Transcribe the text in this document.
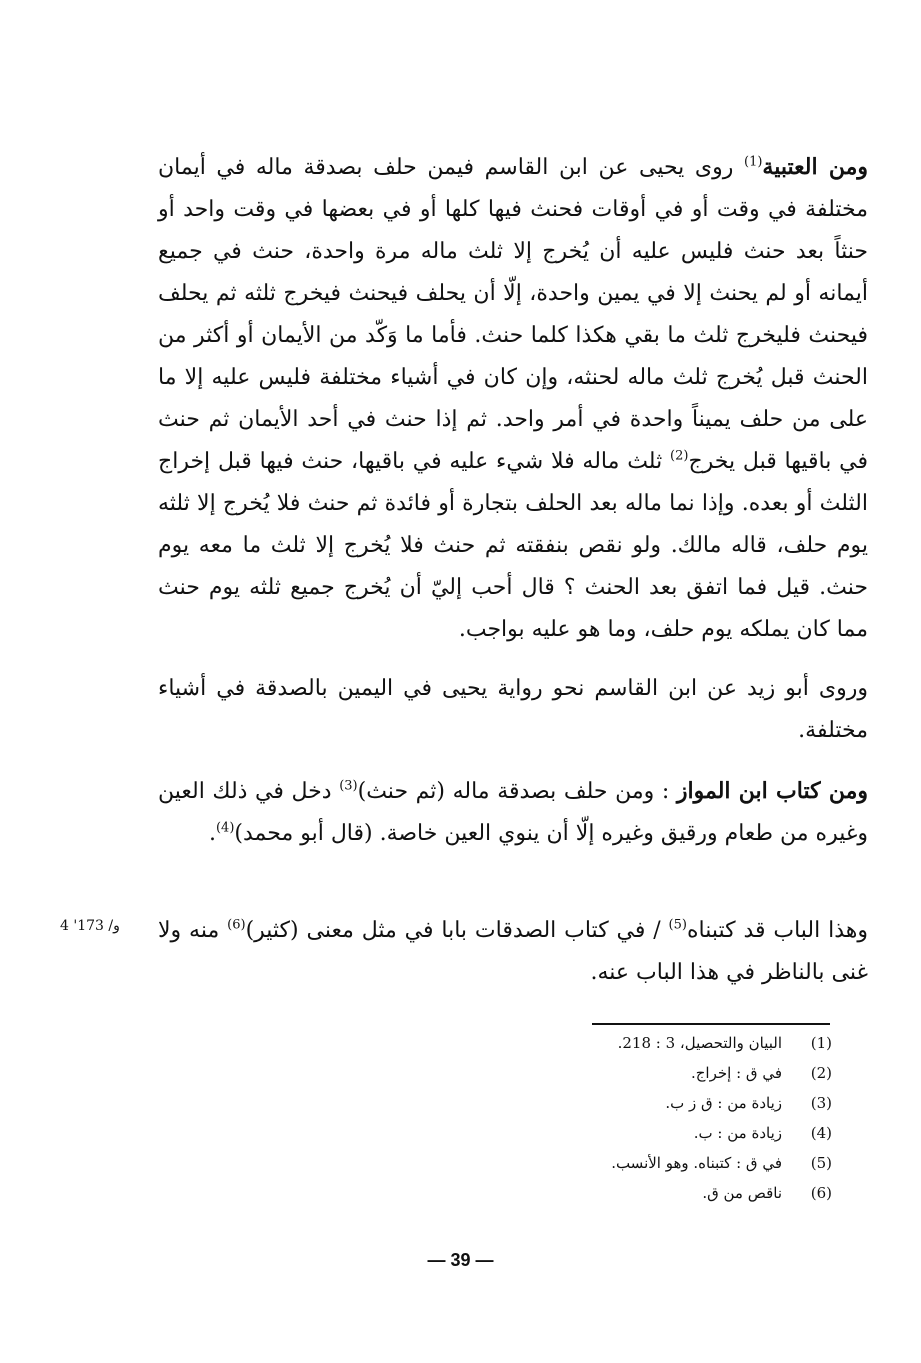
ومن العتبية$^{(1)}$ روى يحيى عن ابن القاسم فيمن حلف بصدقة ماله في أيمان مختلفة في وقت أو في أوقات فحنث فيها كلها أو في بعضها في وقت واحد أو حنثاً بعد حنث فليس عليه أن يُخرج إلا ثلث ماله مرة واحدة، حنث في جميع أيمانه أو لم يحنث إلا في يمين واحدة، إلّا أن يحلف فيحنث فيخرج ثلثه ثم يحلف فيحنث فليخرج ثلث ما بقي هكذا كلما حنث. فأما ما وَكّد من الأيمان أو أكثر من الحنث قبل يُخرج ثلث ماله لحنثه، وإن كان في أشياء مختلفة فليس عليه إلا ما على من حلف يميناً واحدة في أمر واحد. ثم إذا حنث في أحد الأيمان ثم حنث في باقيها قبل يخرج$^{(2)}$ ثلث ماله فلا شيء عليه في باقيها، حنث فيها قبل إخراج الثلث أو بعده. وإذا نما ماله بعد الحلف بتجارة أو فائدة ثم حنث فلا يُخرج إلا ثلثه يوم حلف، قاله مالك. ولو نقص بنفقته ثم حنث فلا يُخرج إلا ثلث ما معه يوم حنث. قيل فما اتفق بعد الحنث ؟ قال أحب إليّ أن يُخرج جميع ثلثه يوم حنث مما كان يملكه يوم حلف، وما هو عليه بواجب.

وروى أبو زيد عن ابن القاسم نحو رواية يحيى في اليمين بالصدقة في أشياء مختلفة.

ومن كتاب ابن المواز : ومن حلف بصدقة ماله (ثم حنث)$^{(3)}$ دخل في ذلك العين وغيره من طعام ورقيق وغيره إلّا أن ينوي العين خاصة. (قال أبو محمد)$^{(4)}$.

وهذا الباب قد كتبناه$^{(5)}$ / في كتاب الصدقات بابا في مثل معنى (كثير)$^{(6)}$ منه ولا غنى بالناظر في هذا الباب عنه.

4 '173 /و
(1)
البيان والتحصيل، 3 : 218.
(2)
في ق : إخراج.
(3)
زيادة من : ق ز ب.
(4)
زيادة من : ب.
(5)
في ق : كتبناه. وهو الأنسب.
(6)
ناقص من ق.
— 39 —
